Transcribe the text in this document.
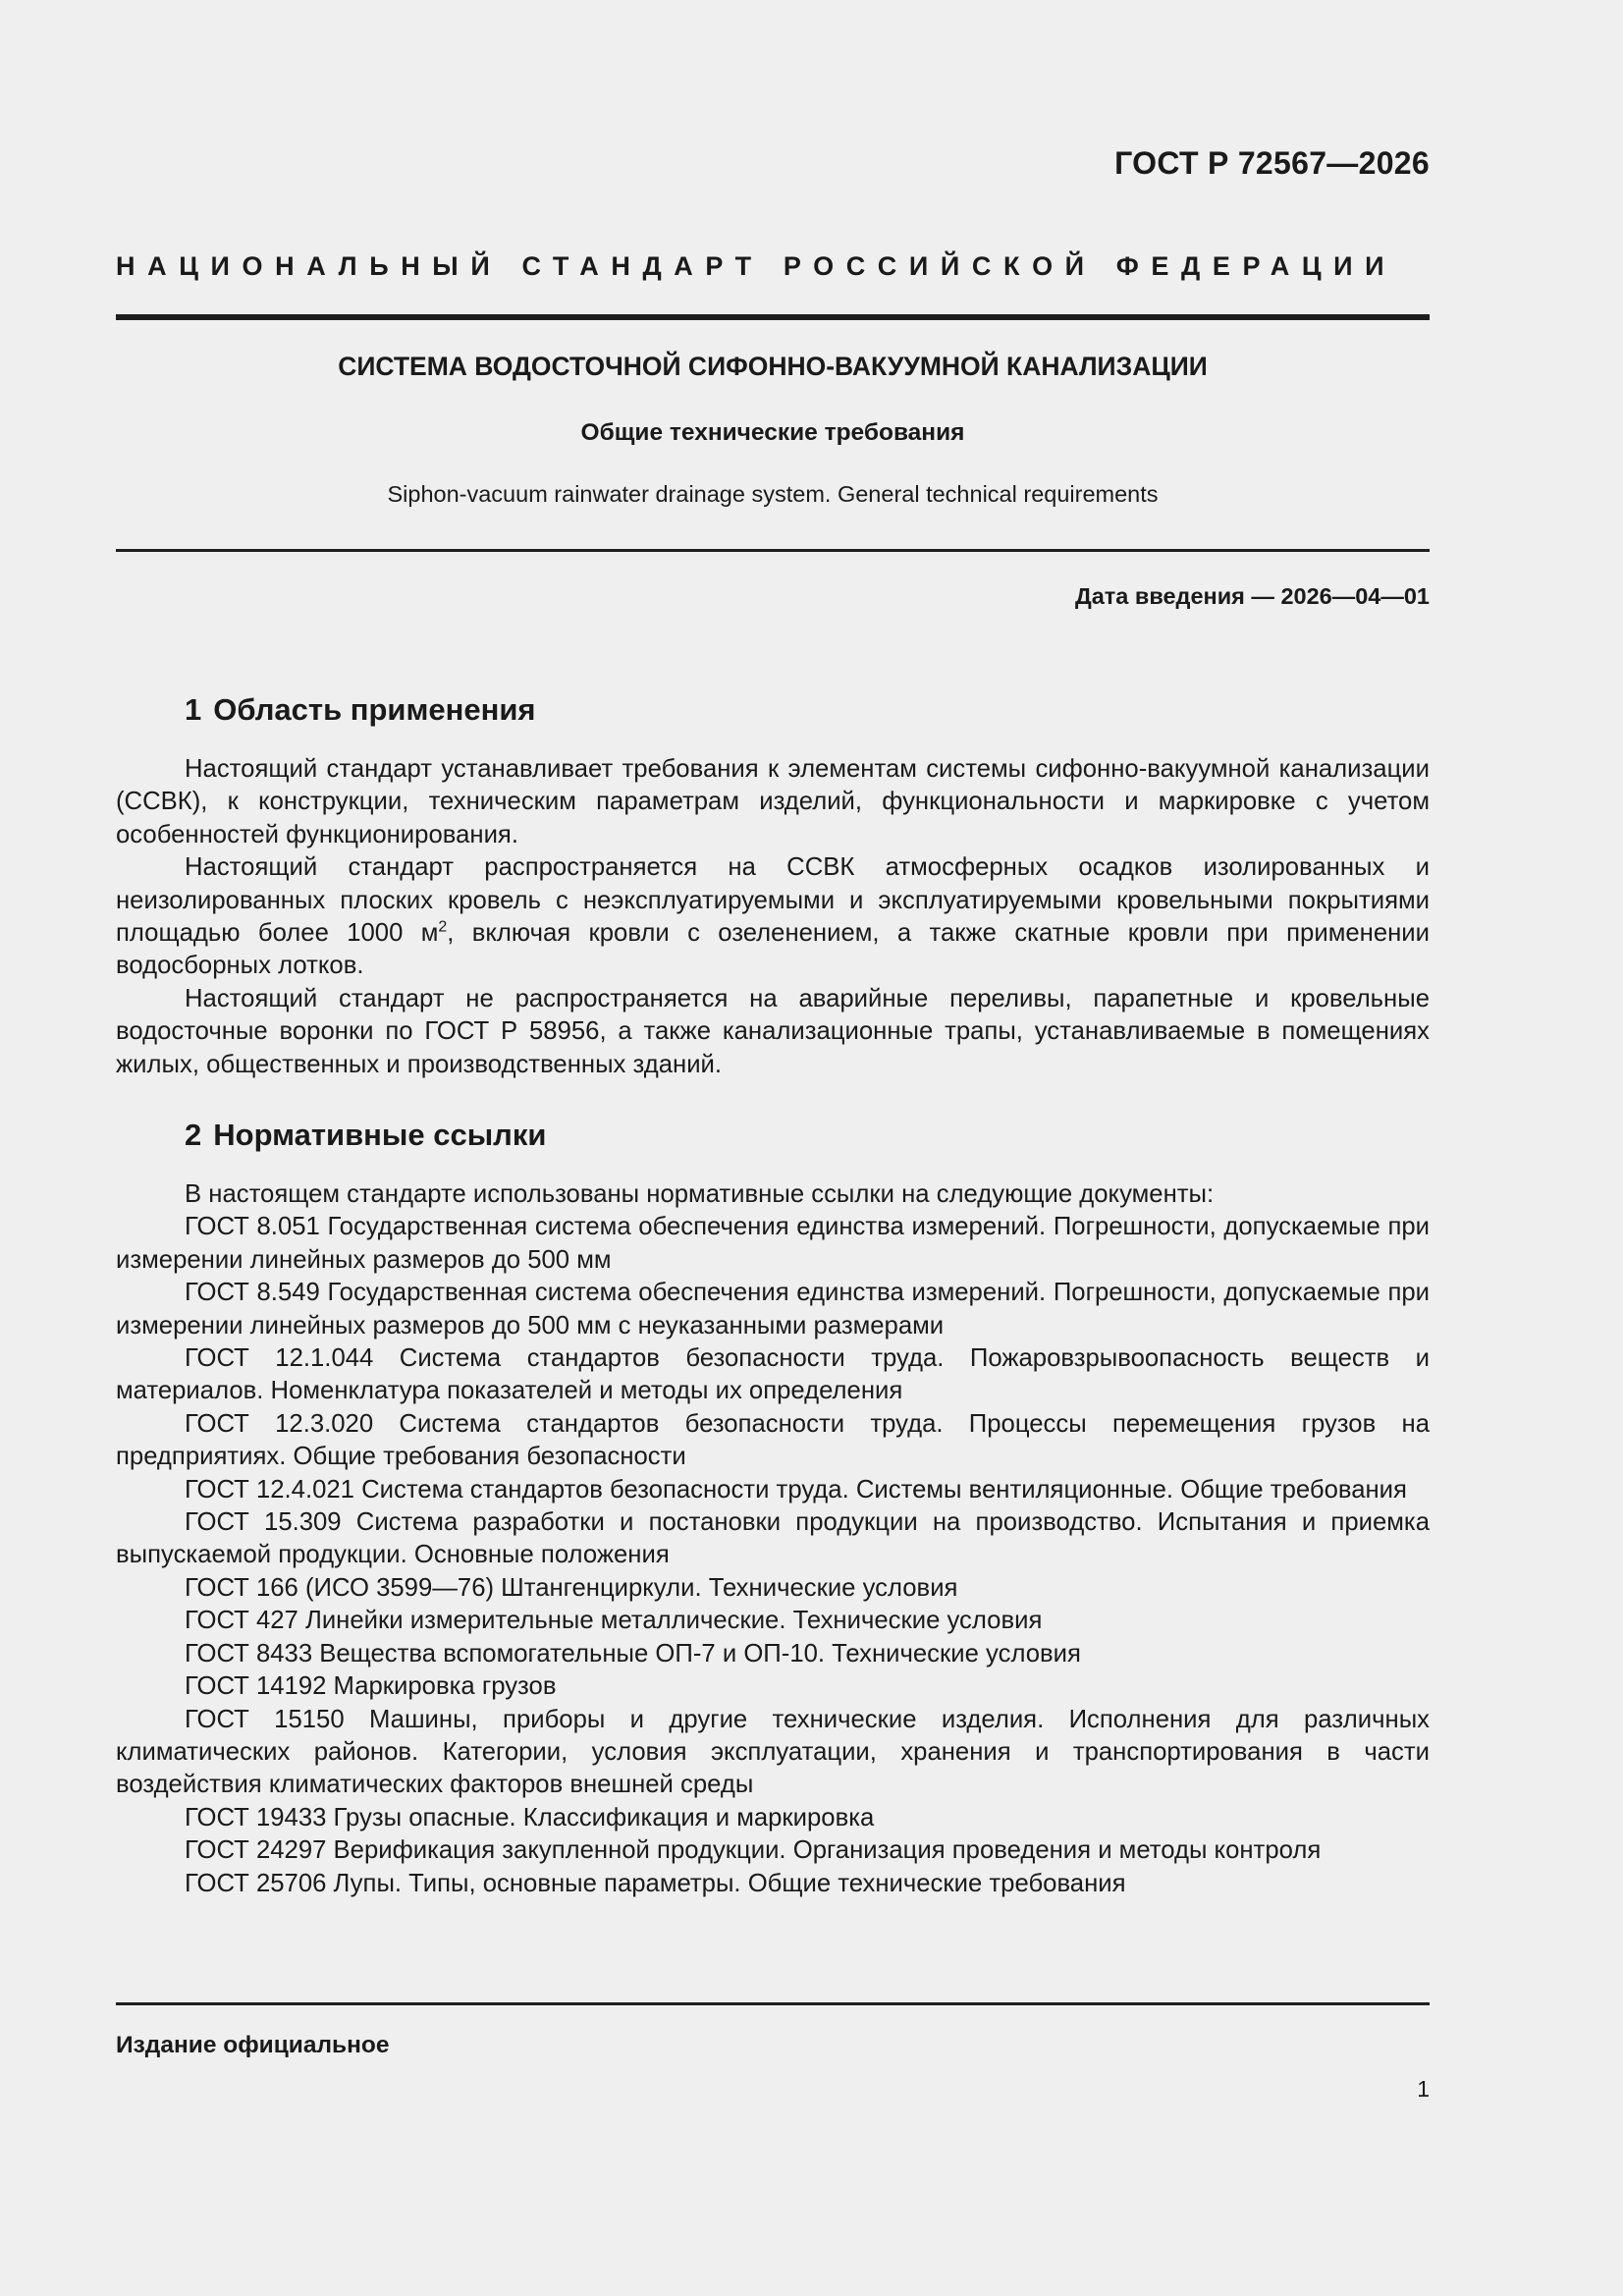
ГОСТ Р 72567—2026
НАЦИОНАЛЬНЫЙ СТАНДАРТ РОССИЙСКОЙ ФЕДЕРАЦИИ
СИСТЕМА ВОДОСТОЧНОЙ СИФОННО-ВАКУУМНОЙ КАНАЛИЗАЦИИ
Общие технические требования
Siphon-vacuum rainwater drainage system. General technical requirements
Дата введения — 2026—04—01
1 Область применения

Настоящий стандарт устанавливает требования к элементам системы сифонно-вакуумной канализации (ССВК), к конструкции, техническим параметрам изделий, функциональности и маркировке с учетом особенностей функционирования.

Настоящий стандарт распространяется на ССВК атмосферных осадков изолированных и неизолированных плоских кровель с неэксплуатируемыми и эксплуатируемыми кровельными покрытиями площадью более 1000 $м^2$, включая кровли с озеленением, а также скатные кровли при применении водосборных лотков.

Настоящий стандарт не распространяется на аварийные переливы, парапетные и кровельные водосточные воронки по ГОСТ Р 58956, а также канализационные трапы, устанавливаемые в помещениях жилых, общественных и производственных зданий.

2 Нормативные ссылки

В настоящем стандарте использованы нормативные ссылки на следующие документы:

ГОСТ 8.051 Государственная система обеспечения единства измерений. Погрешности, допускаемые при измерении линейных размеров до 500 мм

ГОСТ 8.549 Государственная система обеспечения единства измерений. Погрешности, допускаемые при измерении линейных размеров до 500 мм с неуказанными размерами

ГОСТ 12.1.044 Система стандартов безопасности труда. Пожаровзрывоопасность веществ и материалов. Номенклатура показателей и методы их определения

ГОСТ 12.3.020 Система стандартов безопасности труда. Процессы перемещения грузов на предприятиях. Общие требования безопасности

ГОСТ 12.4.021 Система стандартов безопасности труда. Системы вентиляционные. Общие требования

ГОСТ 15.309 Система разработки и постановки продукции на производство. Испытания и приемка выпускаемой продукции. Основные положения

ГОСТ 166 (ИСО 3599—76) Штангенциркули. Технические условия

ГОСТ 427 Линейки измерительные металлические. Технические условия

ГОСТ 8433 Вещества вспомогательные ОП-7 и ОП-10. Технические условия

ГОСТ 14192 Маркировка грузов

ГОСТ 15150 Машины, приборы и другие технические изделия. Исполнения для различных климатических районов. Категории, условия эксплуатации, хранения и транспортирования в части воздействия климатических факторов внешней среды

ГОСТ 19433 Грузы опасные. Классификация и маркировка

ГОСТ 24297 Верификация закупленной продукции. Организация проведения и методы контроля

ГОСТ 25706 Лупы. Типы, основные параметры. Общие технические требования

Издание официальное
1
